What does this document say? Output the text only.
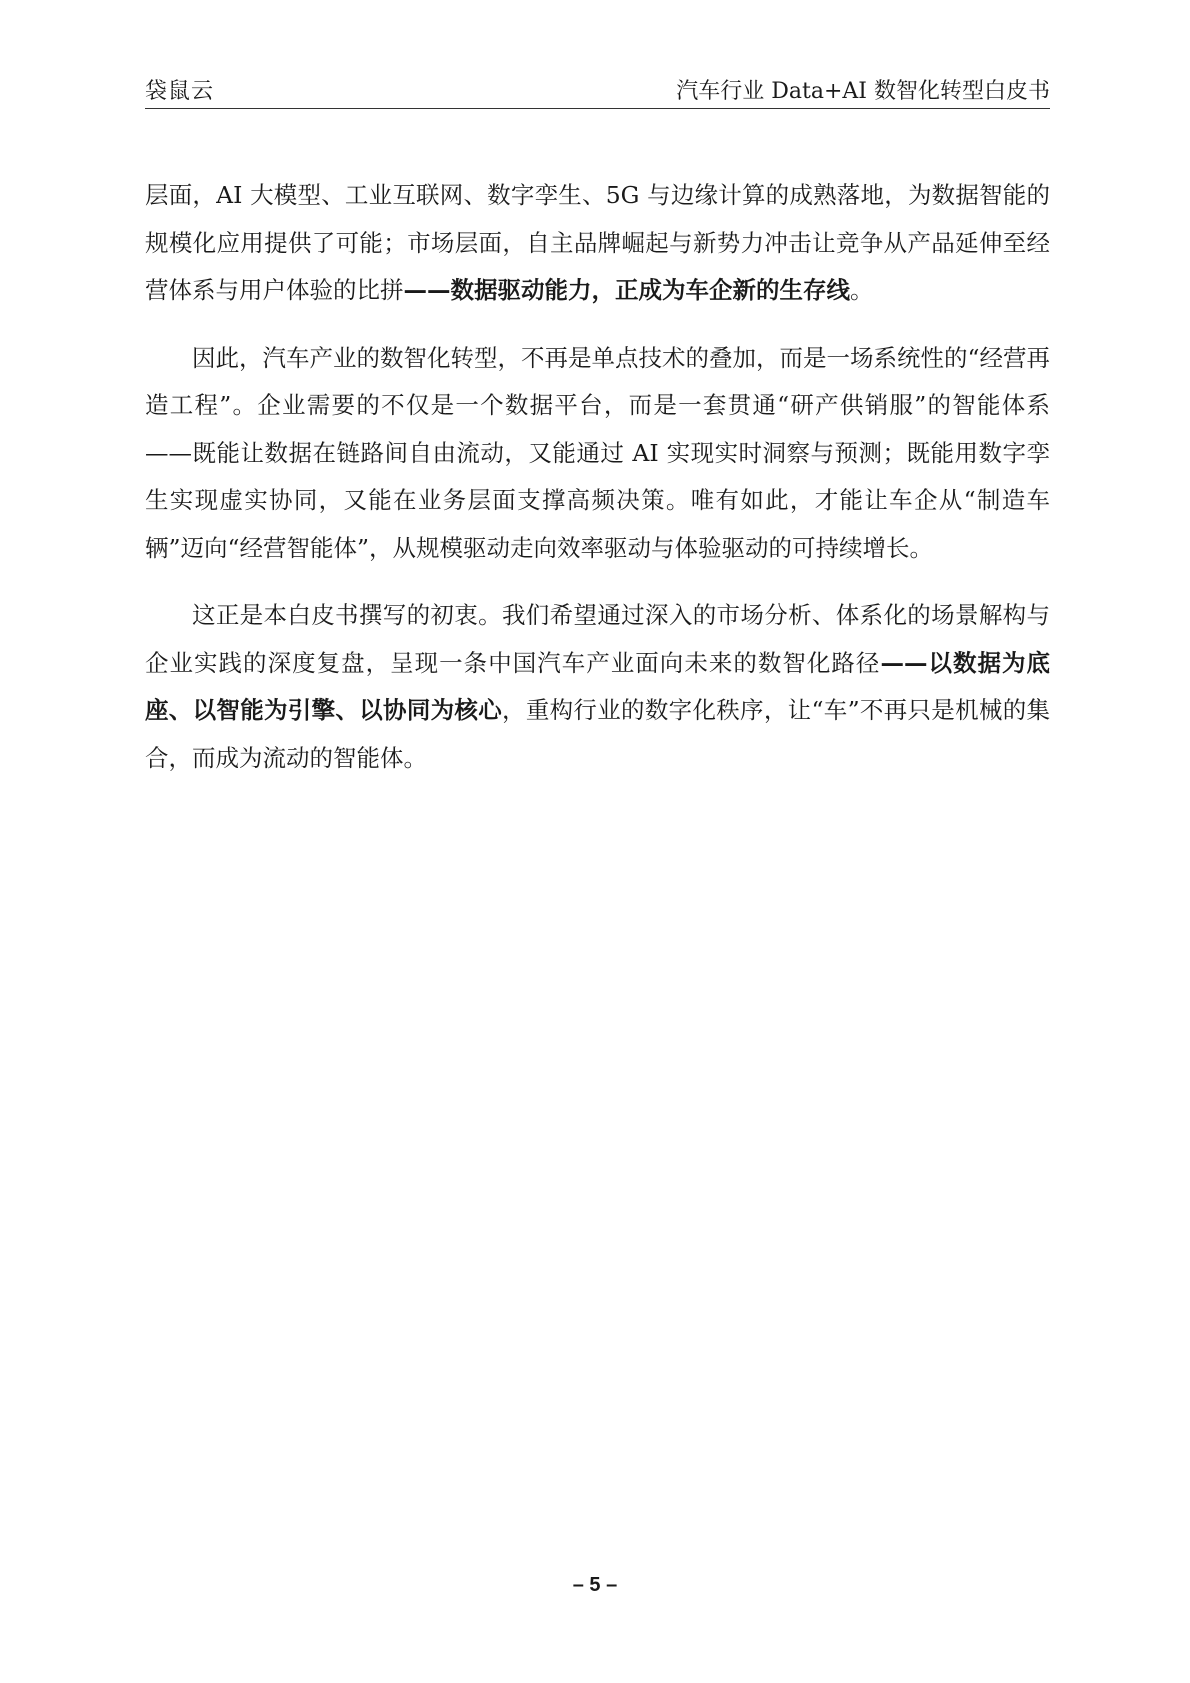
袋鼠云	汽车行业 Data+AI 数智化转型白皮书

层面，AI 大模型、工业互联网、数字孪生、5G 与边缘计算的成熟落地，为数据智能的规模化应用提供了可能；市场层面，自主品牌崛起与新势力冲击让竞争从产品延伸至经营体系与用户体验的比拼——数据驱动能力，正成为车企新的生存线。

因此，汽车产业的数智化转型，不再是单点技术的叠加，而是一场系统性的“经营再造工程”。企业需要的不仅是一个数据平台，而是一套贯通“研产供销服”的智能体系——既能让数据在链路间自由流动，又能通过 AI 实现实时洞察与预测；既能用数字孪生实现虚实协同，又能在业务层面支撑高频决策。唯有如此，才能让车企从“制造车辆”迈向“经营智能体”，从规模驱动走向效率驱动与体验驱动的可持续增长。

这正是本白皮书撰写的初衷。我们希望通过深入的市场分析、体系化的场景解构与企业实践的深度复盘，呈现一条中国汽车产业面向未来的数智化路径——以数据为底座、以智能为引擎、以协同为核心，重构行业的数字化秩序，让“车”不再只是机械的集合，而成为流动的智能体。

– 5 –
